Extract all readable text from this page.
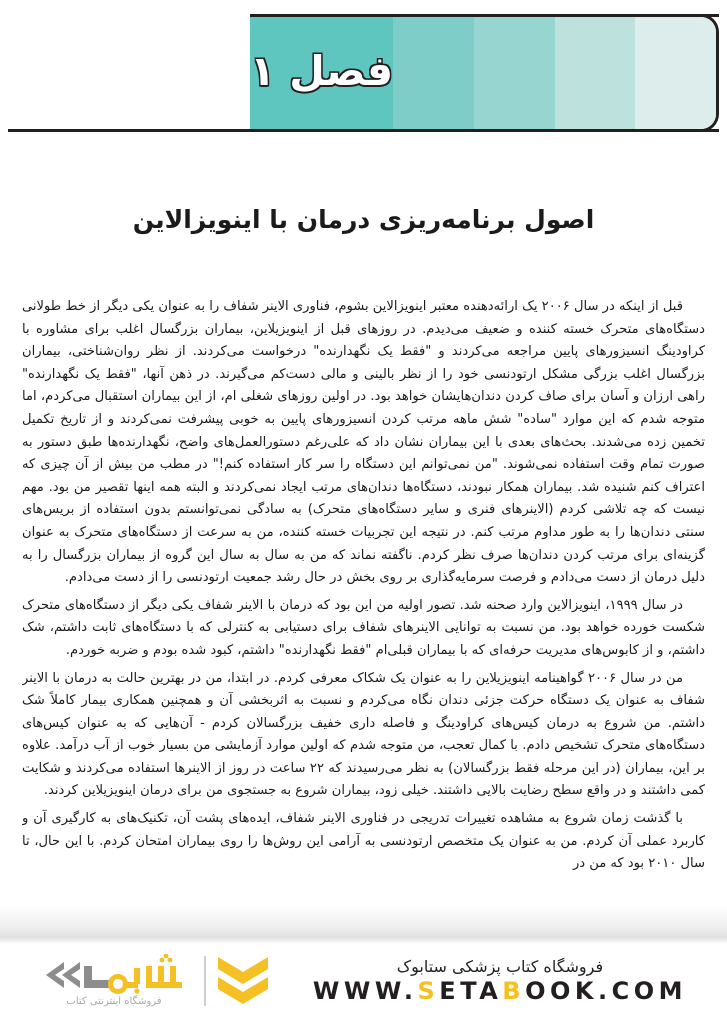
فصل ۱
اصول برنامه‌ریزی درمان با اینویزالاین

قبل از اینکه در سال ۲۰۰۶ یک ارائه‌دهنده معتبر اینویزالاین بشوم، فناوری الاینر شفاف را به عنوان یکی دیگر از خط طولانی دستگاه‌های متحرک خسته کننده و ضعیف می‌دیدم. در روزهای قبل از اینویزیلاین، بیماران بزرگسال اغلب برای مشاوره با کراودینگ انسیزورهای پایین مراجعه می‌کردند و "فقط یک نگهدارنده" درخواست می‌کردند. از نظر روان‌شناختی، بیماران بزرگسال اغلب بزرگی مشکل ارتودنسی خود را از نظر بالینی و مالی دست‌کم می‌گیرند. در ذهن آنها، "فقط یک نگهدارنده" راهی ارزان و آسان برای صاف کردن دندان‌هایشان خواهد بود. در اولین روزهای شغلی ام، از این بیماران استقبال می‌کردم، اما متوجه شدم که این موارد "ساده" شش ماهه مرتب کردن انسیزورهای پایین به خوبی پیشرفت نمی‌کردند و از تاریخ تکمیل تخمین زده می‌شدند. بحث‌های بعدی با این بیماران نشان داد که علی‌رغم دستورالعمل‌های واضح، نگهدارنده‌ها طبق دستور به صورت تمام وقت استفاده نمی‌شوند. "من نمی‌توانم این دستگاه را سر کار استفاده کنم!" در مطب من بیش از آن چیزی که اعتراف کنم شنیده شد. بیماران همکار نبودند، دستگاه‌ها دندان‌های مرتب ایجاد نمی‌کردند و البته همه اینها تقصیر من بود. مهم نیست که چه تلاشی کردم (الاینرهای فنری و سایر دستگاه‌های متحرک) به سادگی نمی‌توانستم بدون استفاده از بریس‌های سنتی دندان‌ها را به طور مداوم مرتب کنم. در نتیجه این تجربیات خسته کننده، من به سرعت از دستگاه‌های متحرک به عنوان گزینه‌ای برای مرتب کردن دندان‌ها صرف نظر کردم. ناگفته نماند که من به سال به سال این گروه از بیماران بزرگسال را به دلیل درمان از دست می‌دادم و فرصت سرمایه‌گذاری بر روی بخش در حال رشد جمعیت ارتودنسی را از دست می‌دادم.

در سال ۱۹۹۹، اینویزالاین وارد صحنه شد. تصور اولیه من این بود که درمان با الاینر شفاف یکی دیگر از دستگاه‌های متحرک شکست خورده خواهد بود. من نسبت به توانایی الاینرهای شفاف برای دستیابی به کنترلی که با دستگاه‌های ثابت داشتم، شک داشتم، و از کابوس‌های مدیریت حرفه‌ای که با بیماران قبلی‌ام "فقط نگهدارنده" داشتم، کبود شده بودم و ضربه خوردم.

من در سال ۲۰۰۶ گواهینامه اینویزیلاین را به عنوان یک شکاک معرفی کردم. در ابتدا، من در بهترین حالت به درمان با الاینر شفاف به عنوان یک دستگاه حرکت جزئی دندان نگاه می‌کردم و نسبت به اثربخشی آن و همچنین همکاری بیمار کاملاً شک داشتم. من شروع به درمان کیس‌های کراودینگ و فاصله داری خفیف بزرگسالان کردم - آن‌هایی که به عنوان کیس‌های دستگاه‌های متحرک تشخیص دادم. با کمال تعجب، من متوجه شدم که اولین موارد آزمایشی من بسیار خوب از آب درآمد. علاوه بر این، بیماران (در این مرحله فقط بزرگسالان) به نظر می‌رسیدند که ۲۲ ساعت در روز از الاینرها استفاده می‌کردند و شکایت کمی داشتند و در واقع سطح رضایت بالایی داشتند. خیلی زود، بیماران شروع به جستجوی من برای درمان اینویزیلاین کردند.

با گذشت زمان شروع به مشاهده تغییرات تدریجی در فناوری الاینر شفاف، ایده‌های پشت آن، تکنیک‌های به کارگیری آن و کاربرد عملی آن کردم. من به عنوان یک متخصص ارتودنسی به آرامی این روش‌ها را روی بیماران امتحان کردم. با این حال، تا سال ۲۰۱۰ بود که من در

فروشگاه کتاب پزشکی ستابوک
WWW.SETABOOK.COM
فروشگاه اینترنتی کتاب
